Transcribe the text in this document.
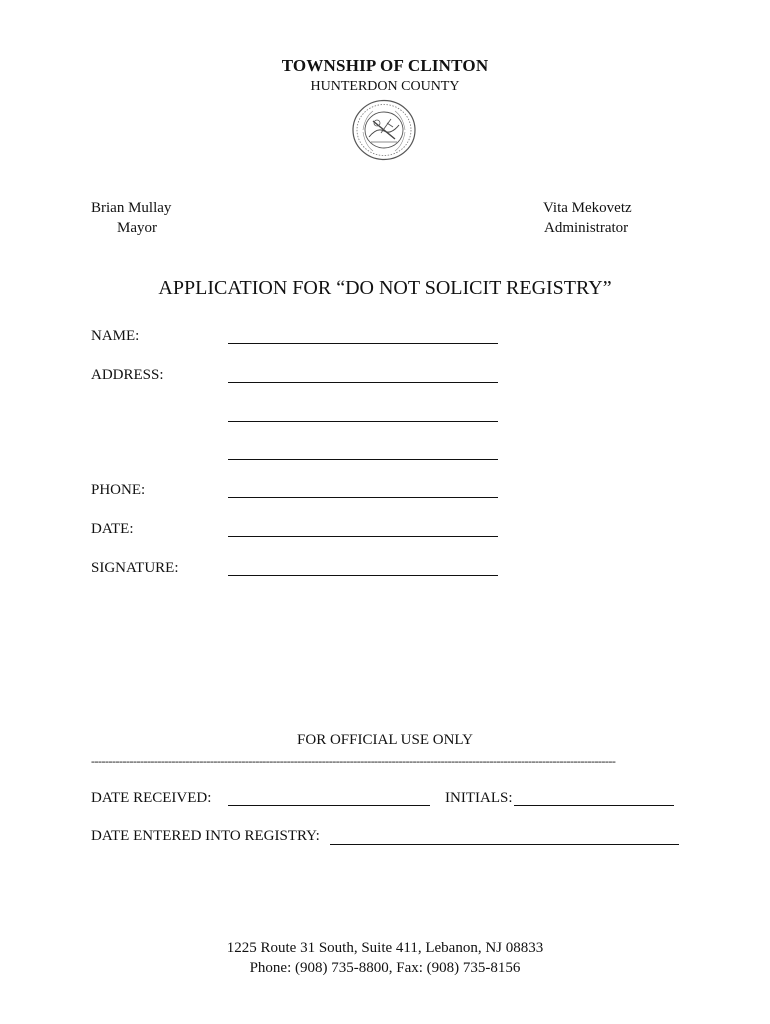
TOWNSHIP OF CLINTON
HUNTERDON COUNTY
Brian Mullay
Mayor
Vita Mekovetz
Administrator
APPLICATION FOR “DO NOT SOLICIT REGISTRY”
NAME:
ADDRESS:
PHONE:
DATE:
SIGNATURE:
FOR OFFICIAL USE ONLY
------------------------------------------------------------------------------------------------------------------------------------------------------
DATE RECEIVED:	INITIALS:
DATE ENTERED INTO REGISTRY:
1225 Route 31 South, Suite 411, Lebanon, NJ 08833
Phone: (908) 735-8800, Fax: (908) 735-8156
